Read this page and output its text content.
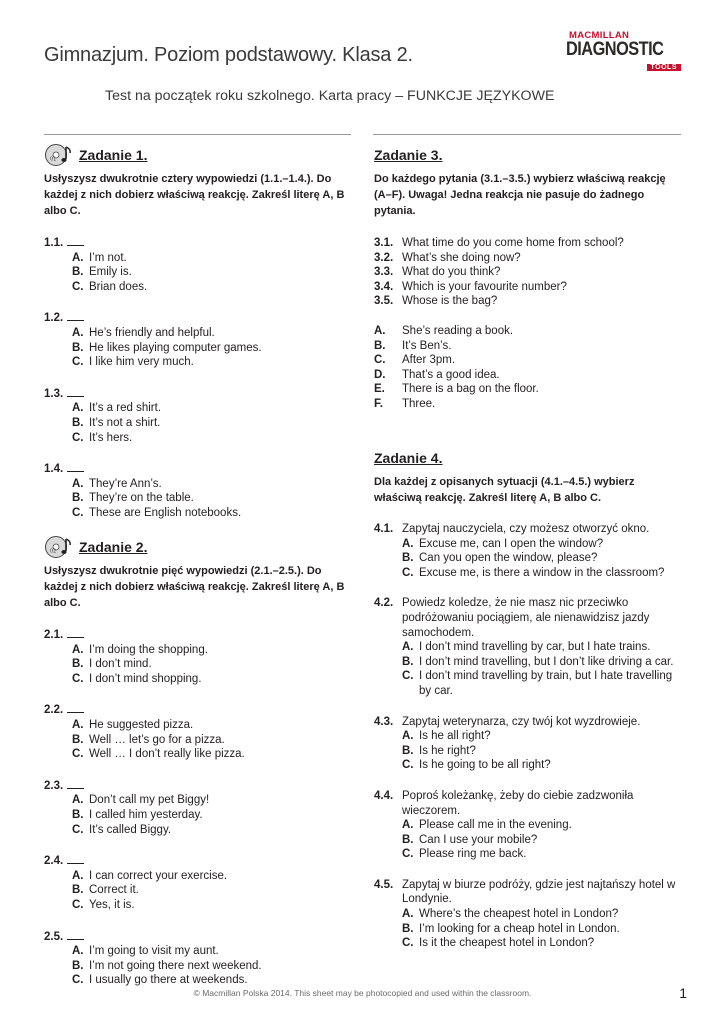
Gimnazjum. Poziom podstawowy. Klasa 2.
MACMILLAN
DIAGNOSTIC
TOOLS
Test na początek roku szkolnego. Karta pracy – FUNKCJE JĘZYKOWE
01 Zadanie 1.
Usłyszysz dwukrotnie cztery wypowiedzi (1.1.–1.4.). Do każdej z nich dobierz właściwą reakcję. Zakreśl literę A, B albo C.
1.1.
A. I’m not.
B. Emily is.
C. Brian does.
1.2.
A. He’s friendly and helpful.
B. He likes playing computer games.
C. I like him very much.
1.3.
A. It’s a red shirt.
B. It’s not a shirt.
C. It’s hers.
1.4.
A. They’re Ann’s.
B. They’re on the table.
C. These are English notebooks.
02 Zadanie 2.
Usłyszysz dwukrotnie pięć wypowiedzi (2.1.–2.5.). Do każdej z nich dobierz właściwą reakcję. Zakreśl literę A, B albo C.
2.1.
A. I’m doing the shopping.
B. I don’t mind.
C. I don’t mind shopping.
2.2.
A. He suggested pizza.
B. Well … let’s go for a pizza.
C. Well … I don’t really like pizza.
2.3.
A. Don’t call my pet Biggy!
B. I called him yesterday.
C. It’s called Biggy.
2.4.
A. I can correct your exercise.
B. Correct it.
C. Yes, it is.
2.5.
A. I’m going to visit my aunt.
B. I’m not going there next weekend.
C. I usually go there at weekends.
Zadanie 3.
Do każdego pytania (3.1.–3.5.) wybierz właściwą reakcję (A–F). Uwaga! Jedna reakcja nie pasuje do żadnego pytania.
3.1. What time do you come home from school?
3.2. What’s she doing now?
3.3. What do you think?
3.4. Which is your favourite number?
3.5. Whose is the bag?
A. She’s reading a book.
B. It’s Ben’s.
C. After 3pm.
D. That’s a good idea.
E. There is a bag on the floor.
F. Three.
Zadanie 4.
Dla każdej z opisanych sytuacji (4.1.–4.5.) wybierz właściwą reakcję. Zakreśl literę A, B albo C.
4.1. Zapytaj nauczyciela, czy możesz otworzyć okno.
A. Excuse me, can I open the window?
B. Can you open the window, please?
C. Excuse me, is there a window in the classroom?
4.2. Powiedz koledze, że nie masz nic przeciwko podróżowaniu pociągiem, ale nienawidzisz jazdy samochodem.
A. I don’t mind travelling by car, but I hate trains.
B. I don’t mind travelling, but I don’t like driving a car.
C. I don’t mind travelling by train, but I hate travelling by car.
4.3. Zapytaj weterynarza, czy twój kot wyzdrowieje.
A. Is he all right?
B. Is he right?
C. Is he going to be all right?
4.4. Poproś koleżankę, żeby do ciebie zadzwoniła wieczorem.
A. Please call me in the evening.
B. Can I use your mobile?
C. Please ring me back.
4.5. Zapytaj w biurze podróży, gdzie jest najtańszy hotel w Londynie.
A. Where’s the cheapest hotel in London?
B. I’m looking for a cheap hotel in London.
C. Is it the cheapest hotel in London?
© Macmillan Polska 2014. This sheet may be photocopied and used within the classroom.	1
